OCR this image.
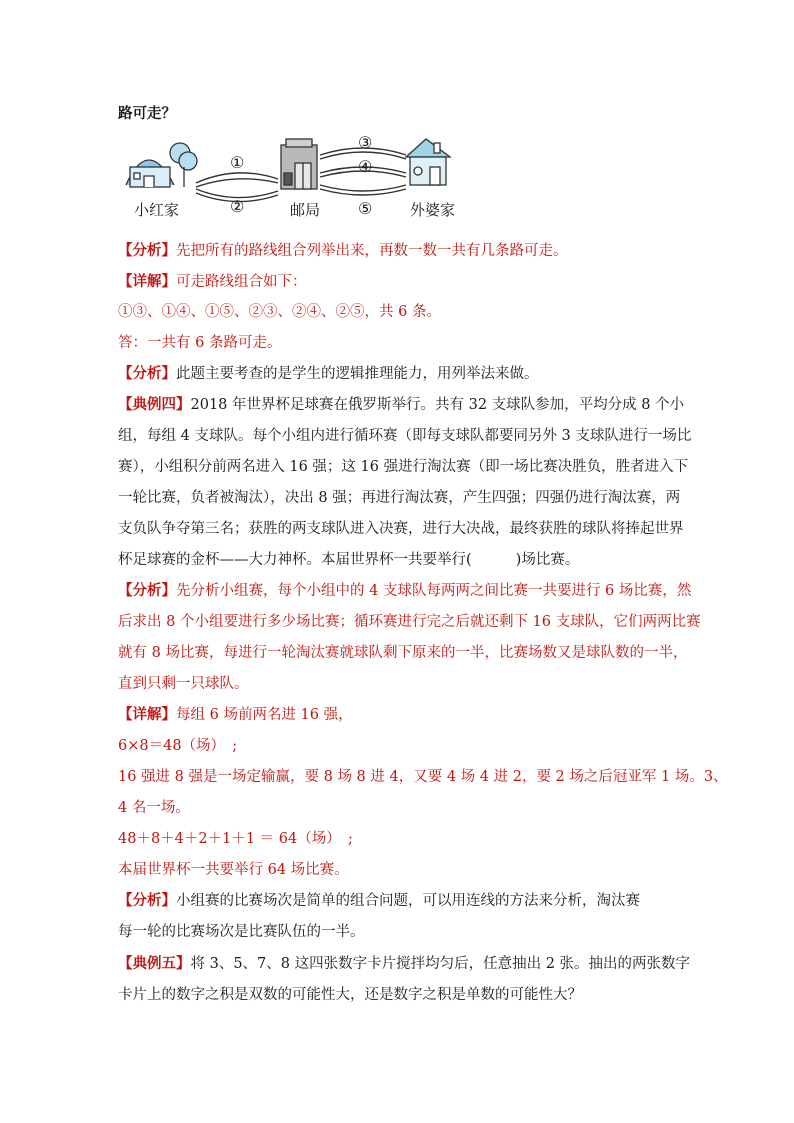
路可走？
①
②
③
④
⑤
小红家	邮局	外婆家
【分析】先把所有的路线组合列举出来，再数一数一共有几条路可走。
【详解】可走路线组合如下：
①③、①④、①⑤、②③、②④、②⑤，共 6 条。
答：一共有 6 条路可走。
【分析】此题主要考查的是学生的逻辑推理能力，用列举法来做。
【典例四】2018 年世界杯足球赛在俄罗斯举行。共有 32 支球队参加，平均分成 8 个小
组，每组 4 支球队。每个小组内进行循环赛（即每支球队都要同另外 3 支球队进行一场比
赛），小组积分前两名进入 16 强；这 16 强进行淘汰赛（即一场比赛决胜负，胜者进入下
一轮比赛，负者被淘汰），决出 8 强；再进行淘汰赛，产生四强；四强仍进行淘汰赛，两
支负队争夺第三名；获胜的两支球队进入决赛，进行大决战，最终获胜的球队将捧起世界
杯足球赛的金杯——大力神杯。本届世界杯一共要举行(	)场比赛。
【分析】先分析小组赛，每个小组中的 4 支球队每两两之间比赛一共要进行 6 场比赛，然
后求出 8 个小组要进行多少场比赛；循环赛进行完之后就还剩下 16 支球队，它们两两比赛
就有 8 场比赛，每进行一轮淘汰赛就球队剩下原来的一半，比赛场数又是球队数的一半，
直到只剩一只球队。
【详解】每组 6 场前两名进 16 强，
6×8＝48（场）　;
16 强进 8 强是一场定输赢，要 8 场 8 进 4，又要 4 场 4 进 2，要 2 场之后冠亚军 1 场。3、
4 名一场。
48＋8＋4＋2＋1＋1 ＝ 64（场）　;
本届世界杯一共要举行 64 场比赛。
【分析】小组赛的比赛场次是简单的组合问题，可以用连线的方法来分析，淘汰赛
每一轮的比赛场次是比赛队伍的一半。
【典例五】将 3、5、7、8 这四张数字卡片搅拌均匀后，任意抽出 2 张。抽出的两张数字
卡片上的数字之积是双数的可能性大，还是数字之积是单数的可能性大？
